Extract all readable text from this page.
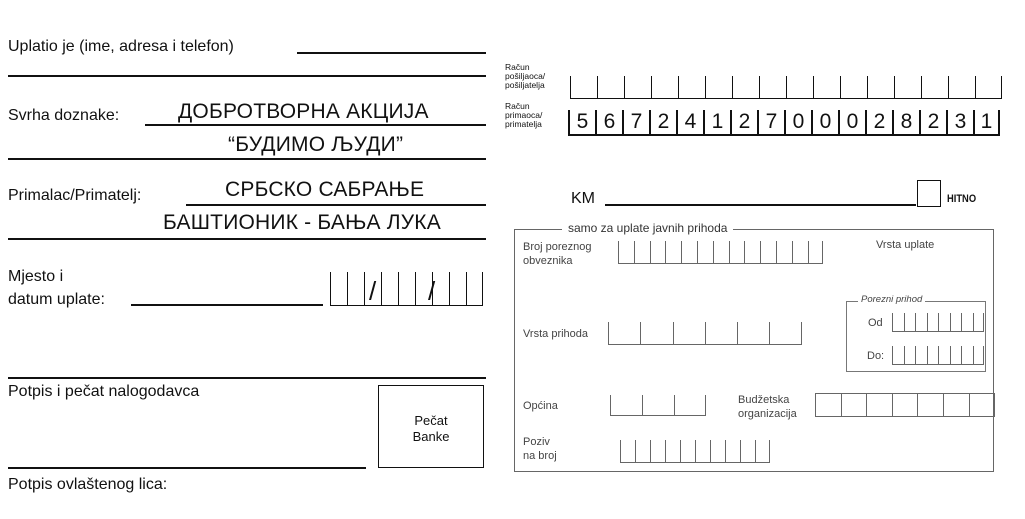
Uplatio je (ime, adresa i telefon)
Svrha doznake:	ДОБРОТВОРНА АКЦИЈА
“БУДИМО ЉУДИ”
Primalac/Primatelj:	СРБСКО САБРАЊЕ
БАШТИОНИК - БАЊА ЛУКА
Mjesto i
datum uplate:	/ /
Potpis i pečat nalogodavca
Pečat
Banke
Potpis ovlaštenog lica:
Račun
pošiljaoca/
pošiljatelja
Račun
primaoca/
primatelja	5 6 7 2 4 1 2 7 0 0 0 2 8 2 3 1
KM	HITNO
samo za uplate javnih prihoda
Broj poreznog
obveznika
Vrsta uplate
Porezni prihod
Od
Do:
Vrsta prihoda
Općina	Budžetska
organizacija
Poziv
na broj
